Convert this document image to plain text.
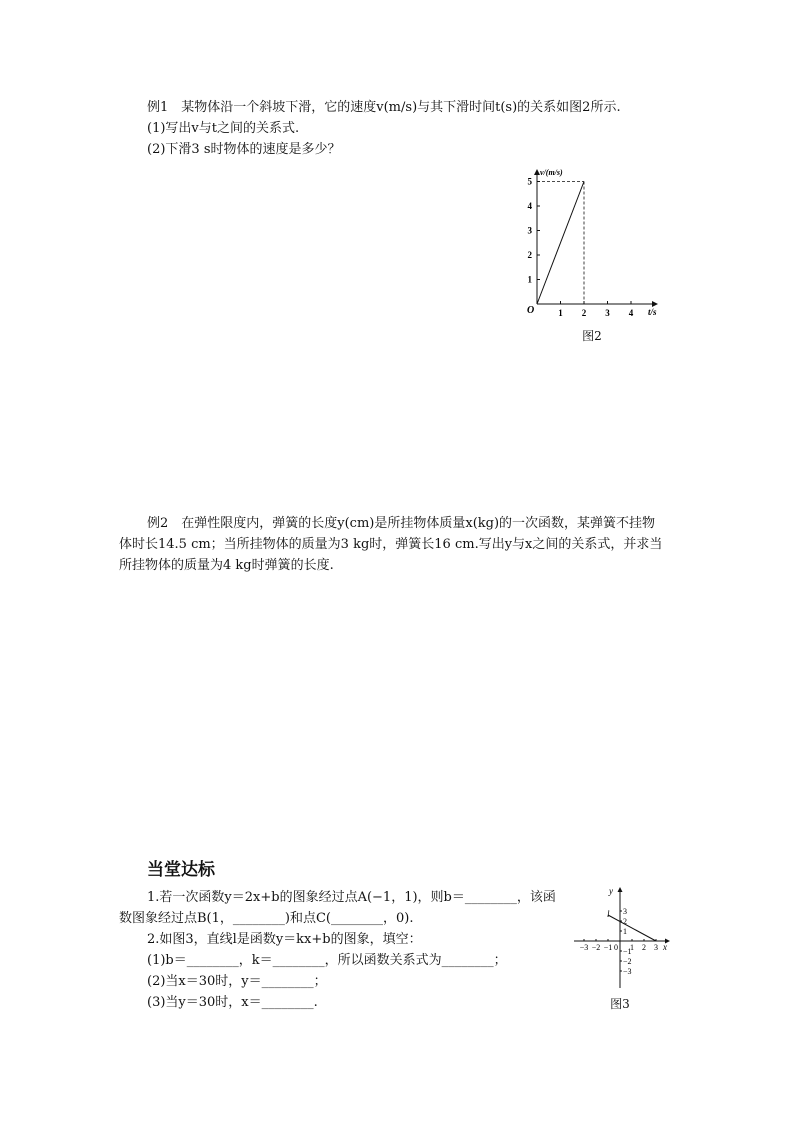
例1　某物体沿一个斜坡下滑，它的速度v(m/s)与其下滑时间t(s)的关系如图2所示.
(1)写出v与t之间的关系式.
(2)下滑3 s时物体的速度是多少？
1 2 3 4
1
2
3
4
5
v/(m/s)
t/s
O
图2
例2　在弹性限度内，弹簧的长度y(cm)是所挂物体质量x(kg)的一次函数，某弹簧不挂物
体时长14.5 cm；当所挂物体的质量为3 kg时，弹簧长16 cm.写出y与x之间的关系式，并求当
所挂物体的质量为4 kg时弹簧的长度.
当堂达标
1.若一次函数y＝2x+b的图象经过点A(−1，1)，则b＝________，该函
数图象经过点B(1，________)和点C(________，0).
2.如图3，直线l是函数y＝kx+b的图象，填空：
(1)b＝________，k＝________，所以函数关系式为________；
(2)当x＝30时，y＝________；
(3)当y＝30时，x＝________.
−3 −2 −1 0 1 2 3
3
2
1
−1
−2
−3
y
x
l
图3
